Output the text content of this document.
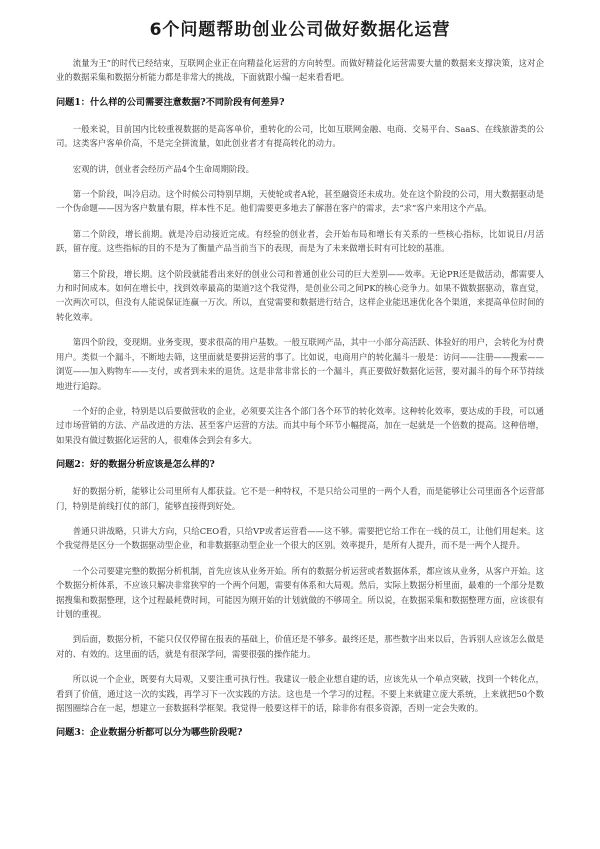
6个问题帮助创业公司做好数据化运营

流量为王”的时代已经结束，互联网企业正在向精益化运营的方向转型。而做好精益化运营需要大量的数据来支撑决策，这对企业的数据采集和数据分析能力都是非常大的挑战，下面就跟小编一起来看看吧。

问题1：什么样的公司需要注意数据?不同阶段有何差异?

一般来说，目前国内比较重视数据的是高客单价，重转化的公司，比如互联网金融、电商、交易平台、SaaS、在线旅游类的公司。这类客户客单价高，不是完全拼流量，如此创业者才有提高转化的动力。

宏观的讲，创业者会经历产品4个生命周期阶段。

第一个阶段，叫冷启动。这个时候公司特别早期，天使轮或者A轮，甚至融资还未成功。处在这个阶段的公司，用大数据驱动是一个伪命题——因为客户数量有限，样本性不足。他们需要更多地去了解潜在客户的需求，去“求”客户来用这个产品。

第二个阶段，增长前期。就是冷启动接近完成。有经验的创业者，会开始布局和增长有关系的一些核心指标，比如说日/月活跃，留存度。这些指标的目的不是为了衡量产品当前当下的表现，而是为了未来做增长时有可比较的基准。

第三个阶段，增长期。这个阶段就能看出来好的创业公司和普通创业公司的巨大差别——效率。无论PR还是做活动，都需要人力和时间成本。如何在增长中，找到效率最高的渠道?这个我觉得，是创业公司之间PK的核心竞争力。如果不做数据驱动，靠直觉，一次两次可以，但没有人能说保证连赢一万次。所以，直觉需要和数据进行结合，这样企业能迅速优化各个渠道，来提高单位时间的转化效率。

第四个阶段，变现期。业务变现，要求很高的用户基数。一般互联网产品，其中一小部分高活跃、体验好的用户，会转化为付费用户。类似一个漏斗，不断地去筛，这里面就是要拼运营的事了。比如说，电商用户的转化漏斗一般是：访问——注册——搜索——浏览——加入购物车——支付，或者到未来的退货。这是非常非常长的一个漏斗，真正要做好数据化运营，要对漏斗的每个环节持续地进行追踪。

一个好的企业，特别是以后要做营收的企业，必须要关注各个部门各个环节的转化效率。这种转化效率，要达成的手段，可以通过市场营销的方法、产品改进的方法、甚至客户运营的方法。而其中每个环节小幅提高，加在一起就是一个倍数的提高。这种倍增，如果没有做过数据化运营的人，很难体会到会有多大。

问题2：好的数据分析应该是怎么样的?

好的数据分析，能够让公司里所有人都获益。它不是一种特权，不是只给公司里的一两个人看，而是能够让公司里面各个运营部门，特别是前线打仗的部门，能够直接得到好处。

普通只讲战略，只讲大方向，只给CEO看，只给VP或者运营看——这不够。需要把它给工作在一线的员工，让他们用起来。这个我觉得是区分一个数据驱动型企业，和非数据驱动型企业一个很大的区别。效率提升，是所有人提升，而不是一两个人提升。

一个公司要建完整的数据分析机制，首先应该从业务开始。所有的数据分析运营或者数据体系，都应该从业务，从客户开始。这个数据分析体系，不应该只解决非常狭窄的一个两个问题，需要有体系和大局观。然后，实际上数据分析里面，最难的一个部分是数据搜集和数据整理，这个过程最耗费时间，可能因为刚开始的计划就做的不够周全。所以说，在数据采集和数据整理方面，应该很有计划的重视。

到后面，数据分析，不能只仅仅停留在报表的基础上，价值还是不够多。最终还是，那些数字出来以后，告诉别人应该怎么做是对的、有效的。这里面的话，就是有很深学问，需要很强的操作能力。

所以说一个企业，既要有大局观，又要注重可执行性。我建议一般企业想自建的话，应该先从一个单点突破，找到一个转化点，看到了价值，通过这一次的实践，再学习下一次实践的方法。这也是一个学习的过程。不要上来就建立庞大系统，上来就把50个数据图圈综合在一起，想建立一套数据科学框架。我觉得一般要这样干的话，除非你有很多资源，否则一定会失败的。

问题3：企业数据分析都可以分为哪些阶段呢?
